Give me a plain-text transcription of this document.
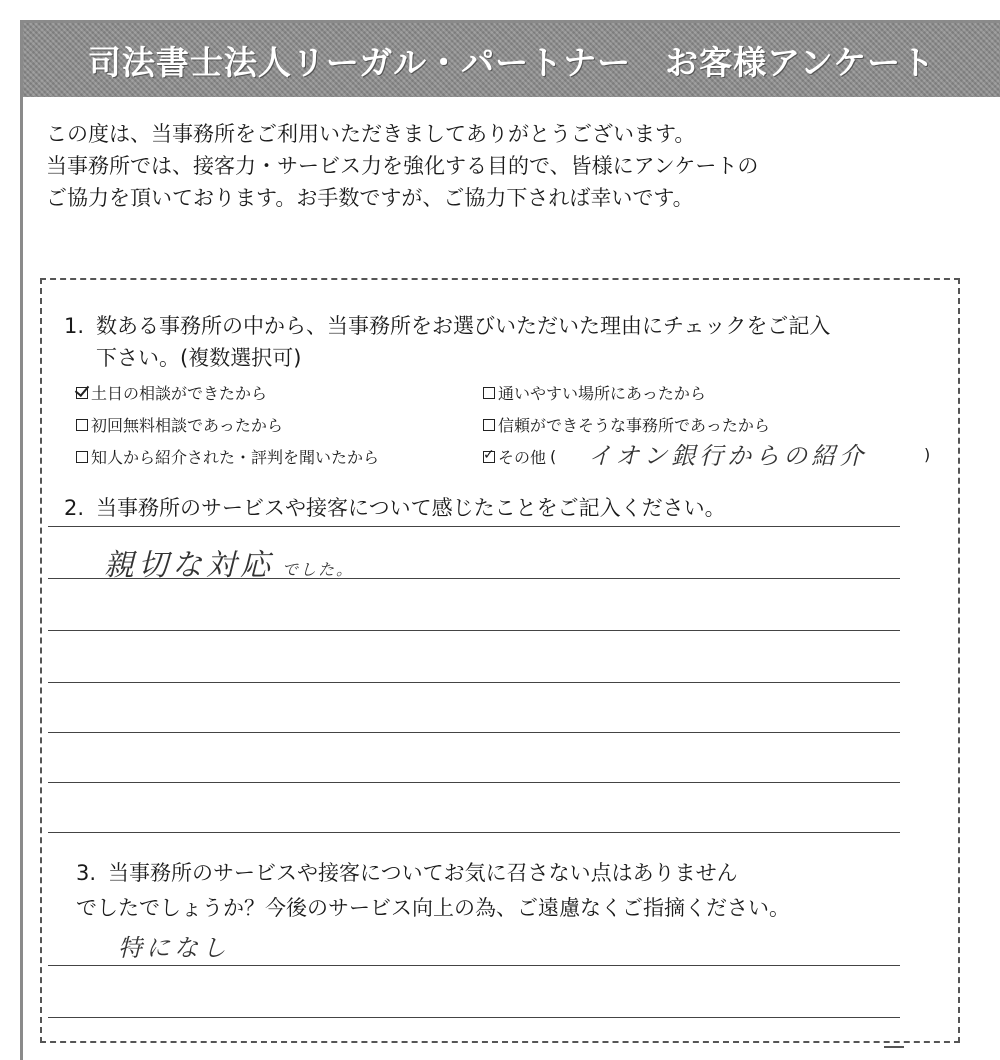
司法書士法人リーガル・パートナー　お客様アンケート
この度は、当事務所をご利用いただきましてありがとうございます。
当事務所では、接客力・サービス力を強化する目的で、皆様にアンケートの
ご協力を頂いております。お手数ですが、ご協力下されば幸いです。
1. 数ある事務所の中から、当事務所をお選びいただいた理由にチェックをご記入
下さい。(複数選択可)
土日の相談ができたから	通いやすい場所にあったから
初回無料相談であったから	信頼ができそうな事務所であったから
知人から紹介された・評判を聞いたから
✓	その他 ( イオン銀行からの紹介	)
2. 当事務所のサービスや接客について感じたことをご記入ください。
親切な対応 でした。
3. 当事務所のサービスや接客についてお気に召さない点はありません
でしたでしょうか？今後のサービス向上の為、ご遠慮なくご指摘ください。
特になし
